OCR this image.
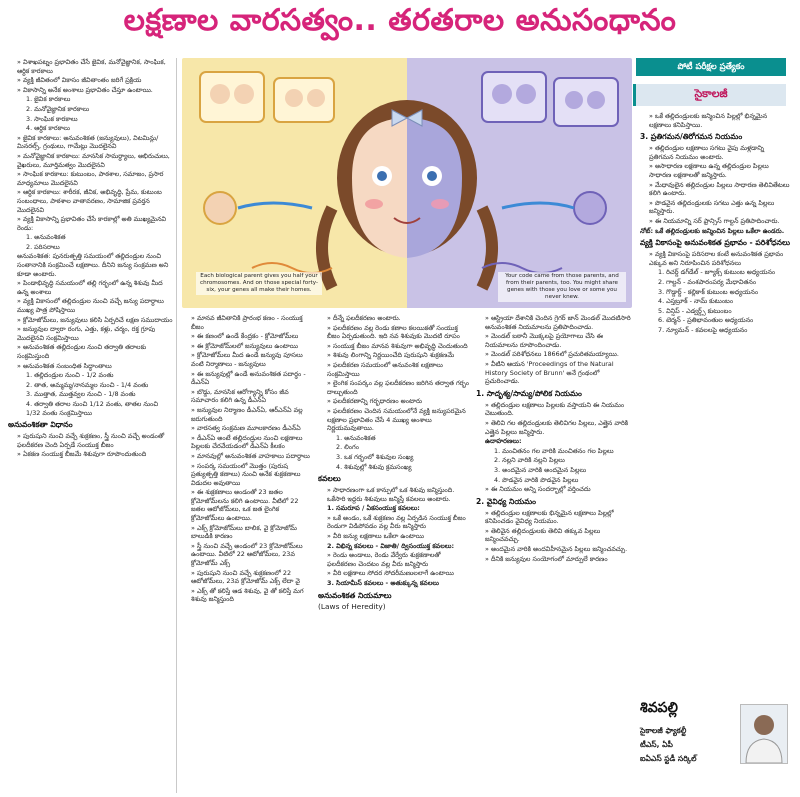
లక్షణాల వారసత్వం.. తరతరాల అనుసంధానం
Each biological parent gives you half your chromosomes. And on those special forty-six, your genes all make their homes.
Your code came from those parents, and from their parents, too. You might share genes with those you love or some you never knew.
పోటీ పరీక్షల ప్రత్యేకం
సైకాలజీ
» విశాఖపట్నం ప్రభావితం చేసే జైవిక, మనోవైజ్ఞానిక, సాంఘిక, ఆర్థిక కారకాలు
» వ్యక్తి జీవితంలో వికాసం జీవితాంతం జరిగే ప్రక్రియ
» వికాసాన్ని అనేక అంశాలు ప్రభావితం చేస్తూ ఉంటాయి.
1. జైవిక కారకాలు
2. మనోవైజ్ఞానిక కారకాలు
3. సాంఘిక కారకాలు
4. ఆర్థిక కారకాలు
» జైవిక కారకాలు: అనువంశికత (జన్యువులు), విటమిన్లు/ మినరల్స్, గ్రంథులు, గామేట్లు మొదలైనవి
» మనోవైజ్ఞానిక కారకాలు: మానసిక సామర్థ్యాలు, అభిరుచులు, వైఖరులు, మూర్తిమత్వం మొదలైనవి
» సాంఘిక కారకాలు: కుటుంబం, పాఠశాల, సమాజం, ప్రసార మాధ్యమాలు మొదలైనవి
» ఆర్థిక కారకాలు: శారీరక, జీవిక, అభివృద్ధి, ప్రేమ, కుటుంబ సంబంధాలు, పాఠశాల వాతావరణం, సామాజిక ప్రవర్తన మొదలైనవి
» వ్యక్తి వికాసాన్ని ప్రభావితం చేసే కారకాల్లో అతి ముఖ్యమైనవి రెండు:
1. అనువంశికత
2. పరిసరాలు
అనువంశికత: పునరుత్పత్తి సమయంలో తల్లిదండ్రుల నుంచి సంతానానికి సంక్రమించే లక్షణాలు. దీనిని జన్యు సంక్రమణ అని కూడా అంటారు.
» పిండాభివృద్ధి సమయంలో తల్లి గర్భంలో ఉన్న శిశువు మీద ఉన్న అంశాలు
» వ్యక్తి వికాసంలో తల్లిదండ్రుల నుంచి వచ్చే జన్యు పదార్థాలు ముఖ్య పాత్ర పోషిస్తాయి
» క్రోమోజోమ్‌లు, జన్యువులు కలిసి ఏర్పరిచే లక్షణ సముదాయం
» జన్యువుల ద్వారా రంగు, ఎత్తు, కళ్లు, చర్మం, రక్త గ్రూపు మొదలైనవి సంక్రమిస్తాయి
» అనువంశికత తల్లిదండ్రుల నుంచి తర్వాతి తరాలకు సంక్రమిస్తుంది
» అనువంశికత సంబంధిత సిద్ధాంతాలు
1. తల్లిదండ్రుల నుంచి - 1/2 వంతు
2. తాత, అమ్మమ్మ/నానమ్మల నుంచి - 1/4 వంతు
3. ముత్తాత, ముత్తవ్వల నుంచి - 1/8 వంతు
4. తర్వాతి తరాల నుంచి 1/12 వంతు, తాతల నుంచి 1/32 వంతు సంక్రమిస్తాయి
అనువంశికతా విధానం
» పురుషుని నుంచి వచ్చే శుక్రకణం, స్త్రీ నుంచి వచ్చే అండంతో ఫలదీకరణ చెంది ఏర్పడే సంయుక్త బీజం
» ఏకకణ సంయుక్త బీజమే శిశువుగా రూపొందుతుంది
» మానవ జీవితానికి ప్రారంభ కణం - సంయుక్త బీజం
» ఈ కణంలో ఉండే కేంద్రకం - క్రోమోజోమ్‌లు
» ఈ క్రోమోజోమ్‌లలో జన్యువులు ఉంటాయి
» క్రోమోజోమ్‌లు మీద ఉండే జన్యువు పూసలు వంటి నిర్మాణాలు - జన్యువులు
» ఈ జన్యువుల్లో ఉండే అనువంశికత పదార్థం - డీఎన్ఏ
» బొడ్డు, మానసిక ఆరోగ్యాన్ని కోసం జీవ సమాచారం కలిగి ఉన్న డీఎన్ఏ
» జన్యువుల నిర్మాణం డీఎన్ఏ, ఆర్ఎన్ఏ వల్ల జరుగుతుంది
» వారసత్వ సంక్రమణ మూలకారణం డీఎన్ఏ
» డీఎన్ఏ అంటే తల్లిదండ్రుల నుంచి లక్షణాలు పిల్లలకు చేరవేయడంలో డీఎన్ఏ కీలకం
» మానవుల్లో అనువంశికత వాహకాలు పదార్థాలు
» సంపర్క సమయంలో మొత్తం (పురుష ప్రత్యుత్పత్తి కణాలు) నుంచి అనేక శుక్రకణాలు విడుదల అవుతాయి
» ఈ శుక్రకణాలు అండంతో 23 జతల క్రోమోజోమ్‌లను కలిగి ఉంటాయి. వీటిలో 22 జతల ఆటోజోమ్‌లు, ఒక జత లైంగిక క్రోమోజోమ్‌లు ఉంటాయి.
» ఎక్స్ క్రోమోజోమ్‌లు బాలిక, వై క్రోమోజోమ్ బాలుడికి కారణం
» స్త్రీ నుంచి వచ్చే అండంలో 23 క్రోమోజోమ్‌లు ఉంటాయి. వీటిలో 22 ఆటోజోమ్‌లు, 23వ క్రోమోజోమ్ ఎక్స్
» పురుషుని నుంచి వచ్చే శుక్రకణంలో 22 ఆటోజోమ్‌లు, 23వ క్రోమోజోమ్ ఎక్స్ లేదా వై
» ఎక్స్ తో కలిస్తే ఆడ శిశువు, వై తో కలిస్తే మగ శిశువు జన్మిస్తుంది
» దీన్నే ఫలదీకరణం అంటారు.
» ఫలదీకరణం వల్ల రెండు కణాల కలయికతో సంయుక్త బీజం ఏర్పడుతుంది. ఇది నవ శిశువుకు మొదటి రూపం
» సంయుక్త బీజం మానవ శిశువుగా అభివృద్ధి చెందుతుంది
» శిశువు లింగాన్ని నిర్ణయించేది పురుషుని శుక్రకణమే
» ఫలదీకరణ సమయంలో అనువంశిక లక్షణాలు సంక్రమిస్తాయి
» లైంగిక సంపర్కం వల్ల ఫలదీకరణం జరిగిన తర్వాత గర్భం దాల్చుతుంది
» ఫలదీకరణాన్ని గర్భధారణం అంటారు
» ఫలదీకరణం చెందిన సమయంలోనే వ్యక్తి జన్యుపరమైన లక్షణాల ప్రభావితం చేసే 4 ముఖ్య అంశాలు నిర్ణయమవుతాయి.
1. అనువంశికత
2. లింగం
3. ఒక గర్భంలో శిశువుల సంఖ్య
4. శిశువుల్లో శిశువు క్రమసంఖ్య
కవలలు
» సాధారణంగా ఒక కాన్పులో ఒక శిశువు జన్మిస్తుంది. ఒకేసారి ఇద్దరు శిశువులు జన్మిస్తే కవలలు అంటారు.
1. సమరూప / ఏకసంయుక్త కవలలు:
» ఒకే అండం, ఒకే శుక్రకణం వల్ల ఏర్పడిన సంయుక్త బీజం రెండుగా విడిపోవడం వల్ల వీరు జన్మిస్తారు
» వీరి జన్యు లక్షణాలు ఒకేలా ఉంటాయి
2. విభిన్న కవలలు - విజాతి/ ద్విసంయుక్త కవలలు:
» రెండు అండాలు, రెండు వేర్వేరు శుక్రకణాలతో ఫలదీకరణం చెందటం వల్ల వీరు జన్మిస్తారు
» వీరి లక్షణాలు సోదర సోదరీమణులలాగే ఉంటాయి
3. సియామీస్ కవలలు - అతుక్కున్న కవలలు
అనువంశికత నియమాలు
(Laws of Heredity)
» ఆస్ట్రియా దేశానికి చెందిన గ్రెగర్ జాన్ మెండల్ మొదటిసారి అనువంశికత నియమాలను ప్రతిపాదించాడు.
» మెండల్ బఠానీ మొక్కలపై ప్రయోగాలు చేసి ఈ నియమాలను రూపొందించాడు.
» మెండల్ పరిశోధనలు 1866లో ప్రచురితమయ్యాయి.
» వీటిని ఆయన 'Proceedings of the Natural History Society of Brunn' అనే గ్రంథంలో ప్రచురించాడు.
1. సాదృశ్య/సామ్య/పోలిక నియమం
» తల్లిదండ్రుల లక్షణాలు పిల్లలకు వస్తాయని ఈ నియమం చెబుతుంది.
» తెలివి గల తల్లిదండ్రులకు తెలివిగల పిల్లలు, ఎత్తైన వారికి ఎత్తైన పిల్లలు జన్మిస్తారు.
ఉదాహరణలు:
1. మంచితనం గల వారికి మంచితనం గల పిల్లలు
2. నల్లని వారికి నల్లని పిల్లలు
3. అందమైన వారికి అందమైన పిల్లలు
4. పొడవైన వారికి పొడవైన పిల్లలు
» ఈ నియమం అన్ని సందర్భాల్లో వర్తించదు
2. వైవిధ్య నియమం
» తల్లిదండ్రుల లక్షణాలకు భిన్నమైన లక్షణాలు పిల్లల్లో కనిపించడం వైవిధ్య నియమం.
» తెలివైన తల్లిదండ్రులకు తెలివి తక్కువ పిల్లలు జన్మించవచ్చు.
» అందమైన వారికి అందవిహీనమైన పిల్లలు జన్మించవచ్చు.
» దీనికి జన్యువుల సంయోగంలో మార్పులే కారణం
» ఒకే తల్లిదండ్రులకు జన్మించిన పిల్లల్లో భిన్నమైన లక్షణాలు కనిపిస్తాయి.
3. ప్రతిగమన/తిరోగమన నియమం
» తల్లిదండ్రుల లక్షణాలు సగటు వైపు మళ్లడాన్ని ప్రతిగమన నియమం అంటారు.
» అసాధారణ లక్షణాలు ఉన్న తల్లిదండ్రుల పిల్లలు సాధారణ లక్షణాలతో జన్మిస్తారు.
» మేధావులైన తల్లిదండ్రుల పిల్లలు సాధారణ తెలివితేటలు కలిగి ఉంటారు.
» పొడవైన తల్లిదండ్రులకు సగటు ఎత్తు ఉన్న పిల్లలు జన్మిస్తారు.
» ఈ నియమాన్ని సర్ ఫ్రాన్సిస్ గాల్టన్ ప్రతిపాదించారు.

నోట్: ఒకే తల్లిదండ్రులకు జన్మించిన పిల్లలు ఒకేలా ఉండరు.

వ్యక్తి వికాసంపై అనువంశికత ప్రభావం - పరిశోధనలు
» వ్యక్తి వికాసంపై పరిసరాల కంటే అనువంశికత ప్రభావం ఎక్కువ అని నిరూపించిన పరిశోధనలు
1. రిచర్డ్ డగ్‌డేల్ - జ్యూక్స్ కుటుంబ అధ్యయనం
2. గాల్టన్ - వంశపారంపర్య మేధావితనం
3. గొడ్డార్డ్ - కల్లికాక్ కుటుంబ అధ్యయనం
4. ఎస్తబ్రూక్ - నామ్ కుటుంబం
5. విన్షిప్ - ఎడ్వర్డ్స్ కుటుంబం
6. టెర్మన్ - ప్రతిభావంతుల అధ్యయనం
7. న్యూమన్ - కవలలపై అధ్యయనం
శివపల్లి
సైకాలజీ ఫ్యాకల్టీ
టీఎస్, ఏపీ
ఐఏఎస్ స్టడీ సర్కిల్
